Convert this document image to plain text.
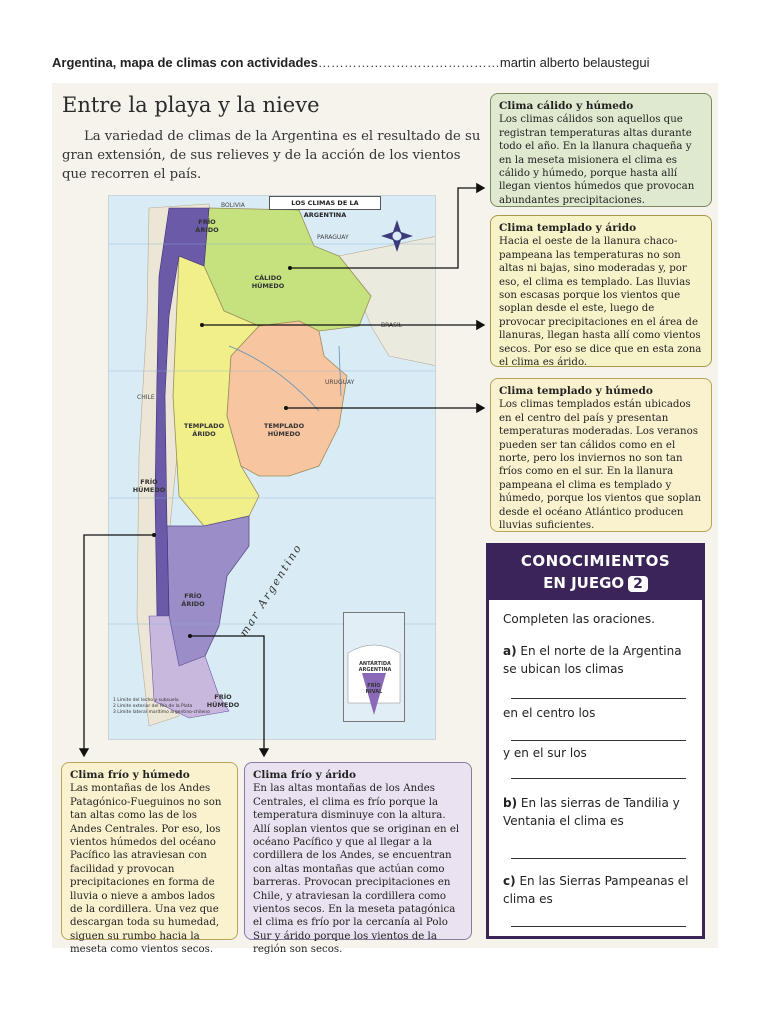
Argentina, mapa de climas con actividades……………………………………martin alberto belaustegui
Entre la playa y la nieve
La variedad de climas de la Argentina es el resultado de su gran extensión, de sus relieves y de la acción de los vientos que recorren el país.
LOS CLIMAS DE LA ARGENTINA
FRÍO
ÁRIDO
CÁLIDO
HÚMEDO
TEMPLADO
ÁRIDO
TEMPLADO
HÚMEDO
FRÍO
HÚMEDO
FRÍO
ÁRIDO
FRÍO
HÚMEDO
BOLIVIA
PARAGUAY
BRASIL
URUGUAY
CHILE
mar Argentino
ANTÁRTIDA ARGENTINA
FRÍO
NIVAL
1 Límite del lecho y subsuelo
2 Límite exterior del Río de la Plata
3 Límite lateral marítimo argentino-chileno
Clima cálido y húmedo
Los climas cálidos son aquellos que registran temperaturas altas durante todo el año. En la llanura chaqueña y en la meseta misionera el clima es cálido y húmedo, porque hasta allí llegan vientos húmedos que provocan abundantes precipitaciones.
Clima templado y árido
Hacia el oeste de la llanura chaco-pampeana las temperaturas no son altas ni bajas, sino moderadas y, por eso, el clima es templado. Las lluvias son escasas porque los vientos que soplan desde el este, luego de provocar precipitaciones en el área de llanuras, llegan hasta allí como vientos secos. Por eso se dice que en esta zona el clima es árido.
Clima templado y húmedo
Los climas templados están ubicados en el centro del país y presentan temperaturas moderadas. Los veranos pueden ser tan cálidos como en el norte, pero los inviernos no son tan fríos como en el sur. En la llanura pampeana el clima es templado y húmedo, porque los vientos que soplan desde el océano Atlántico producen lluvias suficientes.
Clima frío y húmedo
Las montañas de los Andes Patagónico-Fueguinos no son tan altas como las de los Andes Centrales. Por eso, los vientos húmedos del océano Pacífico las atraviesan con facilidad y provocan precipitaciones en forma de lluvia o nieve a ambos lados de la cordillera. Una vez que descargan toda su humedad, siguen su rumbo hacia la meseta como vientos secos.
Clima frío y árido
En las altas montañas de los Andes Centrales, el clima es frío porque la temperatura disminuye con la altura. Allí soplan vientos que se originan en el océano Pacífico y que al llegar a la cordillera de los Andes, se encuentran con altas montañas que actúan como barreras. Provocan precipitaciones en Chile, y atraviesan la cordillera como vientos secos. En la meseta patagónica el clima es frío por la cercanía al Polo Sur y árido porque los vientos de la región son secos.
CONOCIMIENTOS
EN JUEGO 2
Completen las oraciones.
a) En el norte de la Argentina se ubican los climas
en el centro los
y en el sur los
b) En las sierras de Tandilia y Ventania el clima es
c) En las Sierras Pampeanas el clima es
